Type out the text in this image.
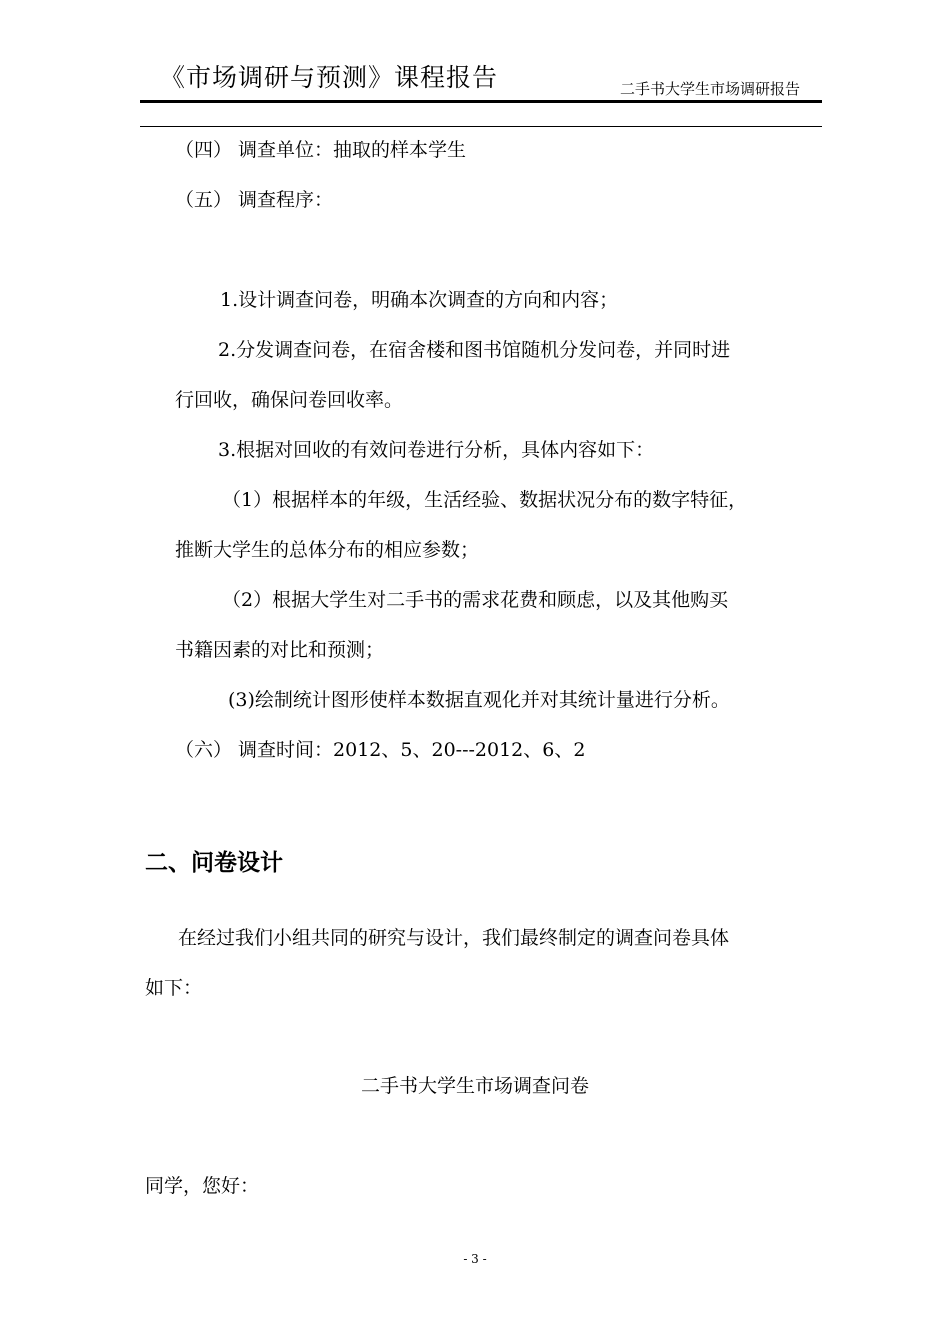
《市场调研与预测》课程报告	二手书大学生市场调研报告
（四） 调查单位：抽取的样本学生
（五） 调查程序：
1.设计调查问卷，明确本次调查的方向和内容；
2.分发调查问卷，在宿舍楼和图书馆随机分发问卷，并同时进
行回收，确保问卷回收率。
3.根据对回收的有效问卷进行分析，具体内容如下：
（1）根据样本的年级，生活经验、数据状况分布的数字特征，
推断大学生的总体分布的相应参数；
（2）根据大学生对二手书的需求花费和顾虑，以及其他购买
书籍因素的对比和预测；
(3)绘制统计图形使样本数据直观化并对其统计量进行分析。
（六） 调查时间：2012、5、20---2012、6、2
二、问卷设计
在经过我们小组共同的研究与设计，我们最终制定的调查问卷具体
如下：
二手书大学生市场调查问卷
同学，您好：
- 3 -
